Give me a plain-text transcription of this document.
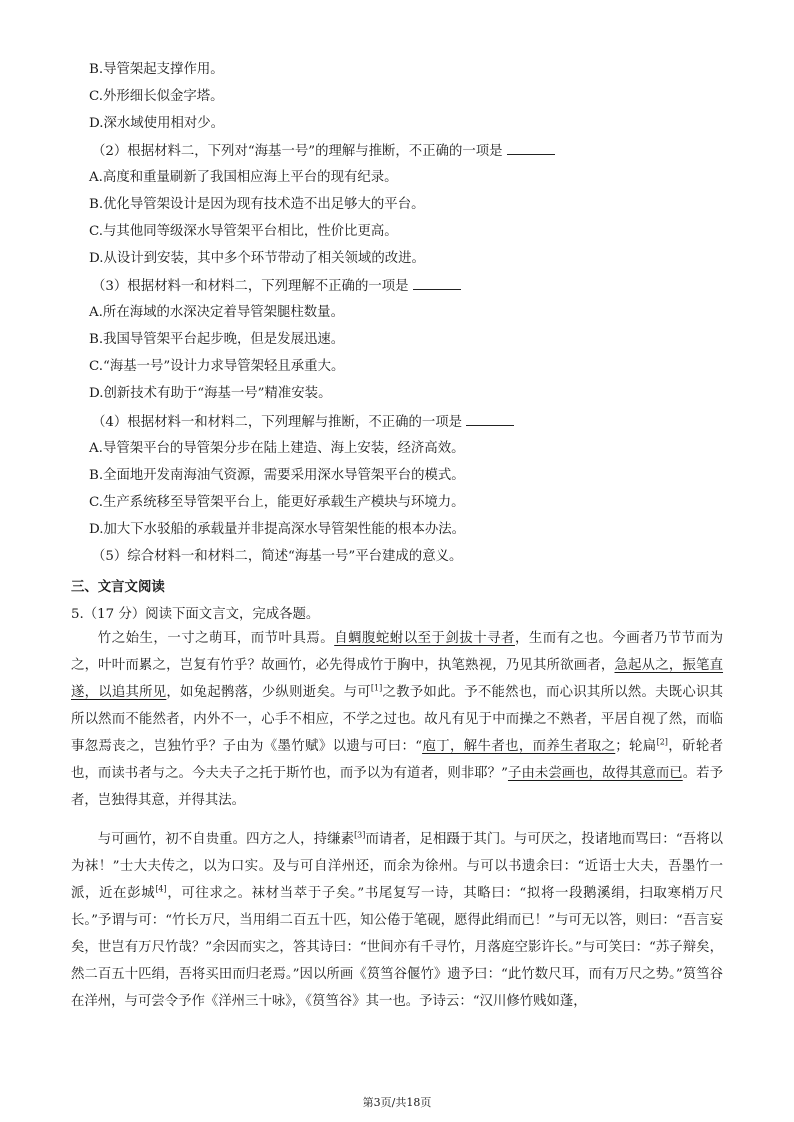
B.导管架起支撑作用。
C.外形细长似金字塔。
D.深水域使用相对少。
（2）根据材料二，下列对“海基一号”的理解与推断，不正确的一项是
A.高度和重量刷新了我国相应海上平台的现有纪录。
B.优化导管架设计是因为现有技术造不出足够大的平台。
C.与其他同等级深水导管架平台相比，性价比更高。
D.从设计到安装，其中多个环节带动了相关领域的改进。
（3）根据材料一和材料二，下列理解不正确的一项是
A.所在海域的水深决定着导管架腿柱数量。
B.我国导管架平台起步晚，但是发展迅速。
C.“海基一号”设计力求导管架轻且承重大。
D.创新技术有助于“海基一号”精准安装。
（4）根据材料一和材料二，下列理解与推断，不正确的一项是
A.导管架平台的导管架分步在陆上建造、海上安装，经济高效。
B.全面地开发南海油气资源，需要采用深水导管架平台的模式。
C.生产系统移至导管架平台上，能更好承载生产模块与环境力。
D.加大下水驳船的承载量并非提高深水导管架性能的根本办法。
（5）综合材料一和材料二，简述“海基一号”平台建成的意义。
三、文言文阅读
5.（17 分）阅读下面文言文，完成各题。

竹之始生，一寸之萌耳，而节叶具焉。自蜩腹蛇蚹以至于剑拔十寻者，生而有之也。今画者乃节节而为之，叶叶而累之，岂复有竹乎？故画竹，必先得成竹于胸中，执笔熟视，乃见其所欲画者，急起从之，振笔直遂，以追其所见，如兔起鹘落，少纵则逝矣。与可[1]之教予如此。予不能然也，而心识其所以然。夫既心识其所以然而不能然者，内外不一，心手不相应，不学之过也。故凡有见于中而操之不熟者，平居自视了然，而临事忽焉丧之，岂独竹乎？子由为《墨竹赋》以遗与可曰：“庖丁，解牛者也，而养生者取之；轮扁[2]，斫轮者也，而读书者与之。今夫夫子之托于斯竹也，而予以为有道者，则非耶？”子由未尝画也，故得其意而已。若予者，岂独得其意，并得其法。

与可画竹，初不自贵重。四方之人，持缣素[3]而请者，足相蹑于其门。与可厌之，投诸地而骂曰：“吾将以为袜！”士大夫传之，以为口实。及与可自洋州还，而余为徐州。与可以书遗余曰：“近语士大夫，吾墨竹一派，近在彭城[4]，可往求之。袜材当萃于子矣。”书尾复写一诗，其略曰：“拟将一段鹅溪绢，扫取寒梢万尺长。”予谓与可：“竹长万尺，当用绢二百五十匹，知公倦于笔砚，愿得此绢而已！”与可无以答，则曰：“吾言妄矣，世岂有万尺竹哉？”余因而实之，答其诗曰：“世间亦有千寻竹，月落庭空影许长。”与可笑曰：“苏子辩矣，然二百五十匹绢，吾将买田而归老焉。”因以所画《筼筜谷偃竹》遗予曰：“此竹数尺耳，而有万尺之势。”筼筜谷在洋州，与可尝令予作《洋州三十咏》，《筼筜谷》其一也。予诗云：“汉川修竹贱如蓬，

第3页/共18页
